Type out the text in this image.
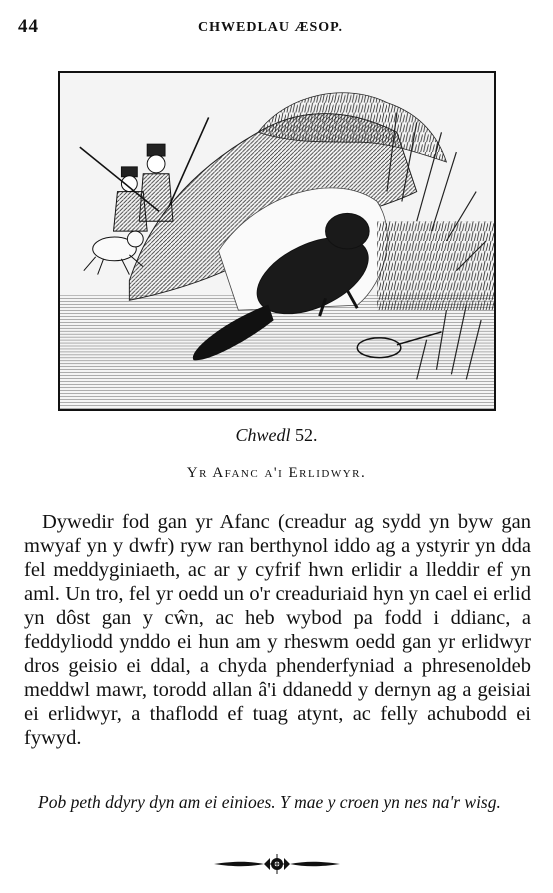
44	CHWEDLAU ÆSOP.
Chwedl 52.
Yr Afanc a'i Erlidwyr.

Dywedir fod gan yr Afanc (creadur ag sydd yn byw gan mwyaf yn y dwfr) ryw ran berthynol iddo ag a ystyrir yn dda fel meddyginiaeth, ac ar y cyfrif hwn erlidir a lleddir ef yn aml. Un tro, fel yr oedd un o'r creaduriaid hyn yn cael ei erlid yn dôst gan y cŵn, ac heb wybod pa fodd i ddianc, a feddyliodd ynddo ei hun am y rheswm oedd gan yr erlidwyr dros geisio ei ddal, a chyda phenderfyniad a phresenoldeb meddwl mawr, torodd allan â'i ddanedd y dernyn ag a geisiai ei erlidwyr, a thaflodd ef tuag atynt, ac felly achubodd ei fywyd.

Pob peth ddyry dyn am ei einioes. Y mae y croen yn nes na'r wisg.
